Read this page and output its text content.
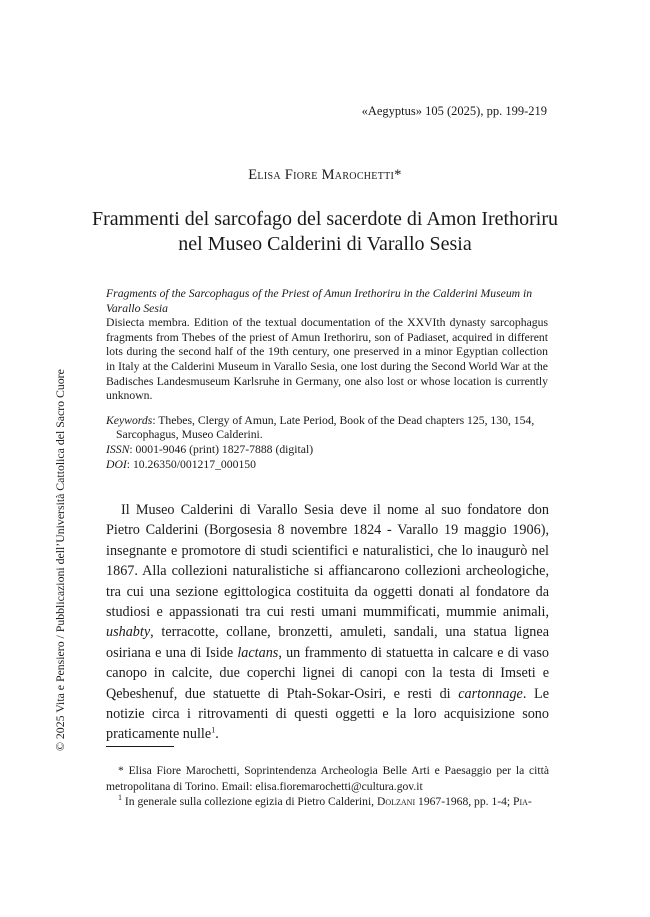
«Aegyptus» 105 (2025), pp. 199-219
Elisa Fiore Marochetti*
Frammenti del sarcofago del sacerdote di Amon Irethoriru
nel Museo Calderini di Varallo Sesia

Fragments of the Sarcophagus of the Priest of Amun Irethoriru in the Calderini Museum in Varallo Sesia

Disiecta membra. Edition of the textual documentation of the XXVIth dynasty sarcophagus fragments from Thebes of the priest of Amun Irethoriru, son of Padiaset, acquired in different lots during the second half of the 19th century, one preserved in a minor Egyptian collection in Italy at the Calderini Museum in Varallo Sesia, one lost during the Second World War at the Badisches Landesmuseum Karlsruhe in Germany, one also lost or whose location is currently unknown.

Keywords: Thebes, Clergy of Amun, Late Period, Book of the Dead chapters 125, 130, 154,
Sarcophagus, Museo Calderini.

ISSN: 0001-9046 (print) 1827-7888 (digital)

DOI: 10.26350/001217_000150

Il Museo Calderini di Varallo Sesia deve il nome al suo fondatore don Pietro Calderini (Borgosesia 8 novembre 1824 - Varallo 19 maggio 1906), insegnante e promotore di studi scientifici e naturalistici, che lo inaugurò nel 1867. Alla collezioni naturalistiche si affiancarono collezioni archeologiche, tra cui una sezione egittologica costituita da oggetti donati al fondatore da studiosi e appassionati tra cui resti umani mummificati, mummie animali, ushabty, terracotte, collane, bronzetti, amuleti, sandali, una statua lignea osiriana e una di Iside lactans, un frammento di statuetta in calcare e di vaso canopo in calcite, due coperchi lignei di canopi con la testa di Imseti e Qebeshenuf, due statuette di Ptah-Sokar-Osiri, e resti di cartonnage. Le notizie circa i ritrovamenti di questi oggetti e la loro acquisizione sono praticamente nulle$^1$.

* Elisa Fiore Marochetti, Soprintendenza Archeologia Belle Arti e Paesaggio per la città metropolitana di Torino. Email: elisa.fioremarochetti@cultura.gov.it

$^1$ In generale sulla collezione egizia di Pietro Calderini, Dolzani 1967-1968, pp. 1-4; Pia-

© 2025 Vita e Pensiero / Pubblicazioni dell’Università Cattolica del Sacro Cuore
